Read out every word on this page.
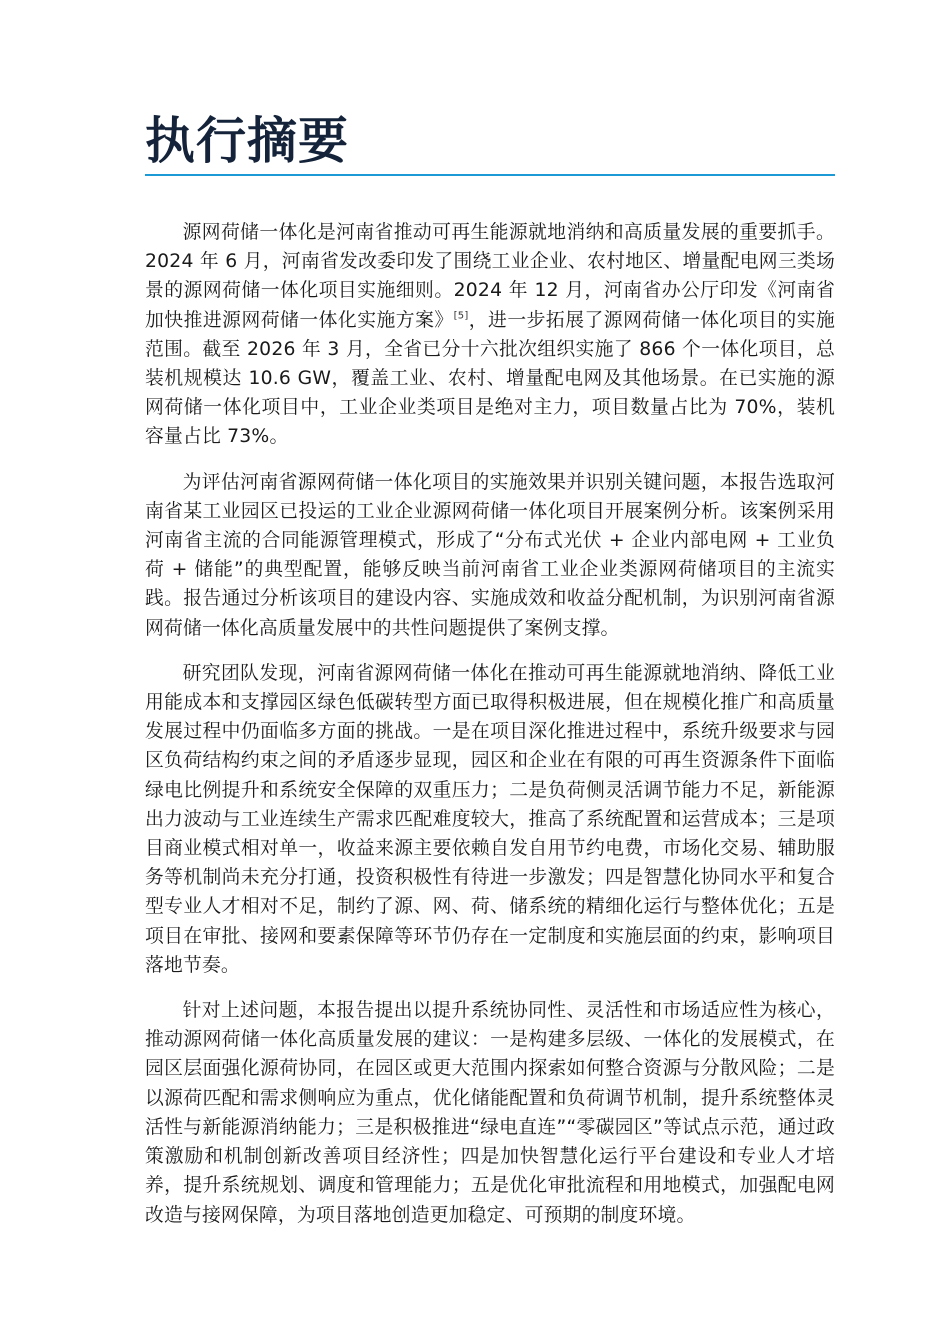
执行摘要

源网荷储一体化是河南省推动可再生能源就地消纳和高质量发展的重要抓手。2024 年 6 月，河南省发改委印发了围绕工业企业、农村地区、增量配电网三类场景的源网荷储一体化项目实施细则。2024 年 12 月，河南省办公厅印发《河南省加快推进源网荷储一体化实施方案》[5]，进一步拓展了源网荷储一体化项目的实施范围。截至 2026 年 3 月，全省已分十六批次组织实施了 866 个一体化项目，总装机规模达 10.6 GW，覆盖工业、农村、增量配电网及其他场景。在已实施的源网荷储一体化项目中，工业企业类项目是绝对主力，项目数量占比为 70%，装机容量占比 73%。

为评估河南省源网荷储一体化项目的实施效果并识别关键问题，本报告选取河南省某工业园区已投运的工业企业源网荷储一体化项目开展案例分析。该案例采用河南省主流的合同能源管理模式，形成了“分布式光伏 + 企业内部电网 + 工业负荷 + 储能”的典型配置，能够反映当前河南省工业企业类源网荷储项目的主流实践。报告通过分析该项目的建设内容、实施成效和收益分配机制，为识别河南省源网荷储一体化高质量发展中的共性问题提供了案例支撑。

研究团队发现，河南省源网荷储一体化在推动可再生能源就地消纳、降低工业用能成本和支撑园区绿色低碳转型方面已取得积极进展，但在规模化推广和高质量发展过程中仍面临多方面的挑战。一是在项目深化推进过程中，系统升级要求与园区负荷结构约束之间的矛盾逐步显现，园区和企业在有限的可再生资源条件下面临绿电比例提升和系统安全保障的双重压力；二是负荷侧灵活调节能力不足，新能源出力波动与工业连续生产需求匹配难度较大，推高了系统配置和运营成本；三是项目商业模式相对单一，收益来源主要依赖自发自用节约电费，市场化交易、辅助服务等机制尚未充分打通，投资积极性有待进一步激发；四是智慧化协同水平和复合型专业人才相对不足，制约了源、网、荷、储系统的精细化运行与整体优化；五是项目在审批、接网和要素保障等环节仍存在一定制度和实施层面的约束，影响项目落地节奏。

针对上述问题，本报告提出以提升系统协同性、灵活性和市场适应性为核心，推动源网荷储一体化高质量发展的建议：一是构建多层级、一体化的发展模式，在园区层面强化源荷协同，在园区或更大范围内探索如何整合资源与分散风险；二是以源荷匹配和需求侧响应为重点，优化储能配置和负荷调节机制，提升系统整体灵活性与新能源消纳能力；三是积极推进“绿电直连”“零碳园区”等试点示范，通过政策激励和机制创新改善项目经济性；四是加快智慧化运行平台建设和专业人才培养，提升系统规划、调度和管理能力；五是优化审批流程和用地模式，加强配电网改造与接网保障，为项目落地创造更加稳定、可预期的制度环境。
